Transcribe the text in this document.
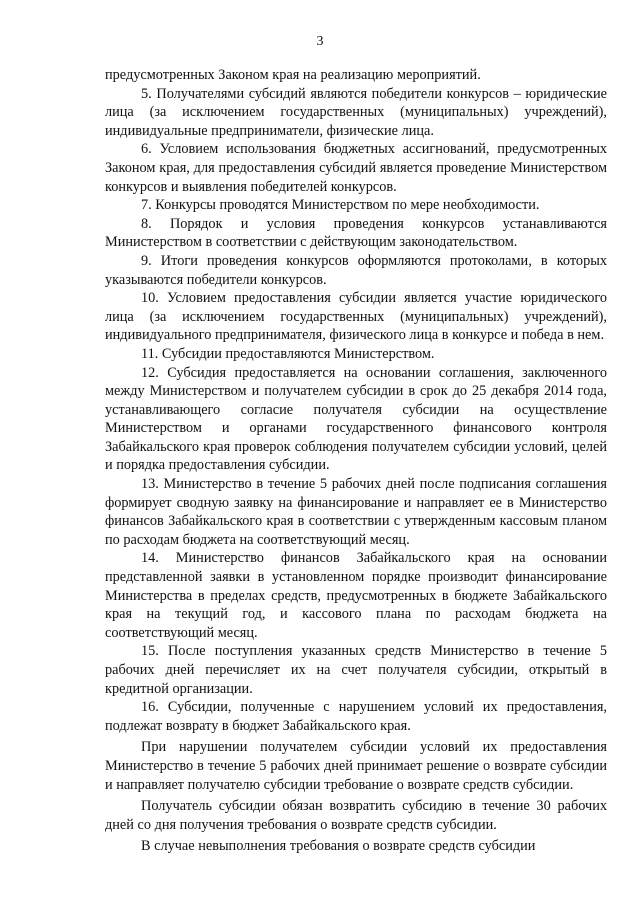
3

предусмотренных Законом края на реализацию мероприятий.

5. Получателями субсидий являются победители конкурсов – юридические лица (за исключением государственных (муниципальных) учреждений), индивидуальные предприниматели, физические лица.

6. Условием использования бюджетных ассигнований, предусмотренных Законом края, для предоставления субсидий является проведение Министерством конкурсов и выявления победителей конкурсов.

7. Конкурсы проводятся Министерством по мере необходимости.

8. Порядок и условия проведения конкурсов устанавливаются Министерством в соответствии с действующим законодательством.

9. Итоги проведения конкурсов оформляются протоколами, в которых указываются победители конкурсов.

10. Условием предоставления субсидии является участие юридического лица (за исключением государственных (муниципальных) учреждений), индивидуального предпринимателя, физического лица в конкурсе и победа в нем.

11. Субсидии предоставляются Министерством.

12. Субсидия предоставляется на основании соглашения, заключенного между Министерством и получателем субсидии в срок до 25 декабря 2014 года, устанавливающего согласие получателя субсидии на осуществление Министерством и органами государственного финансового контроля Забайкальского края проверок соблюдения получателем субсидии условий, целей и порядка предоставления субсидии.

13. Министерство в течение 5 рабочих дней после подписания соглашения формирует сводную заявку на финансирование и направляет ее в Министерство финансов Забайкальского края в соответствии с утвержденным кассовым планом по расходам бюджета на соответствующий месяц.

14. Министерство финансов Забайкальского края на основании представленной заявки в установленном порядке производит финансирование Министерства в пределах средств, предусмотренных в бюджете Забайкальского края на текущий год, и кассового плана по расходам бюджета на соответствующий месяц.

15. После поступления указанных средств Министерство в течение 5 рабочих дней перечисляет их на счет получателя субсидии, открытый в кредитной организации.

16. Субсидии, полученные с нарушением условий их предоставления, подлежат возврату в бюджет Забайкальского края.

При нарушении получателем субсидии условий их предоставления Министерство в течение 5 рабочих дней принимает решение о возврате субсидии и направляет получателю субсидии требование о возврате средств субсидии.

Получатель субсидии обязан возвратить субсидию в течение 30 рабочих дней со дня получения требования о возврате средств субсидии.

В случае невыполнения требования о возврате средств субсидии
